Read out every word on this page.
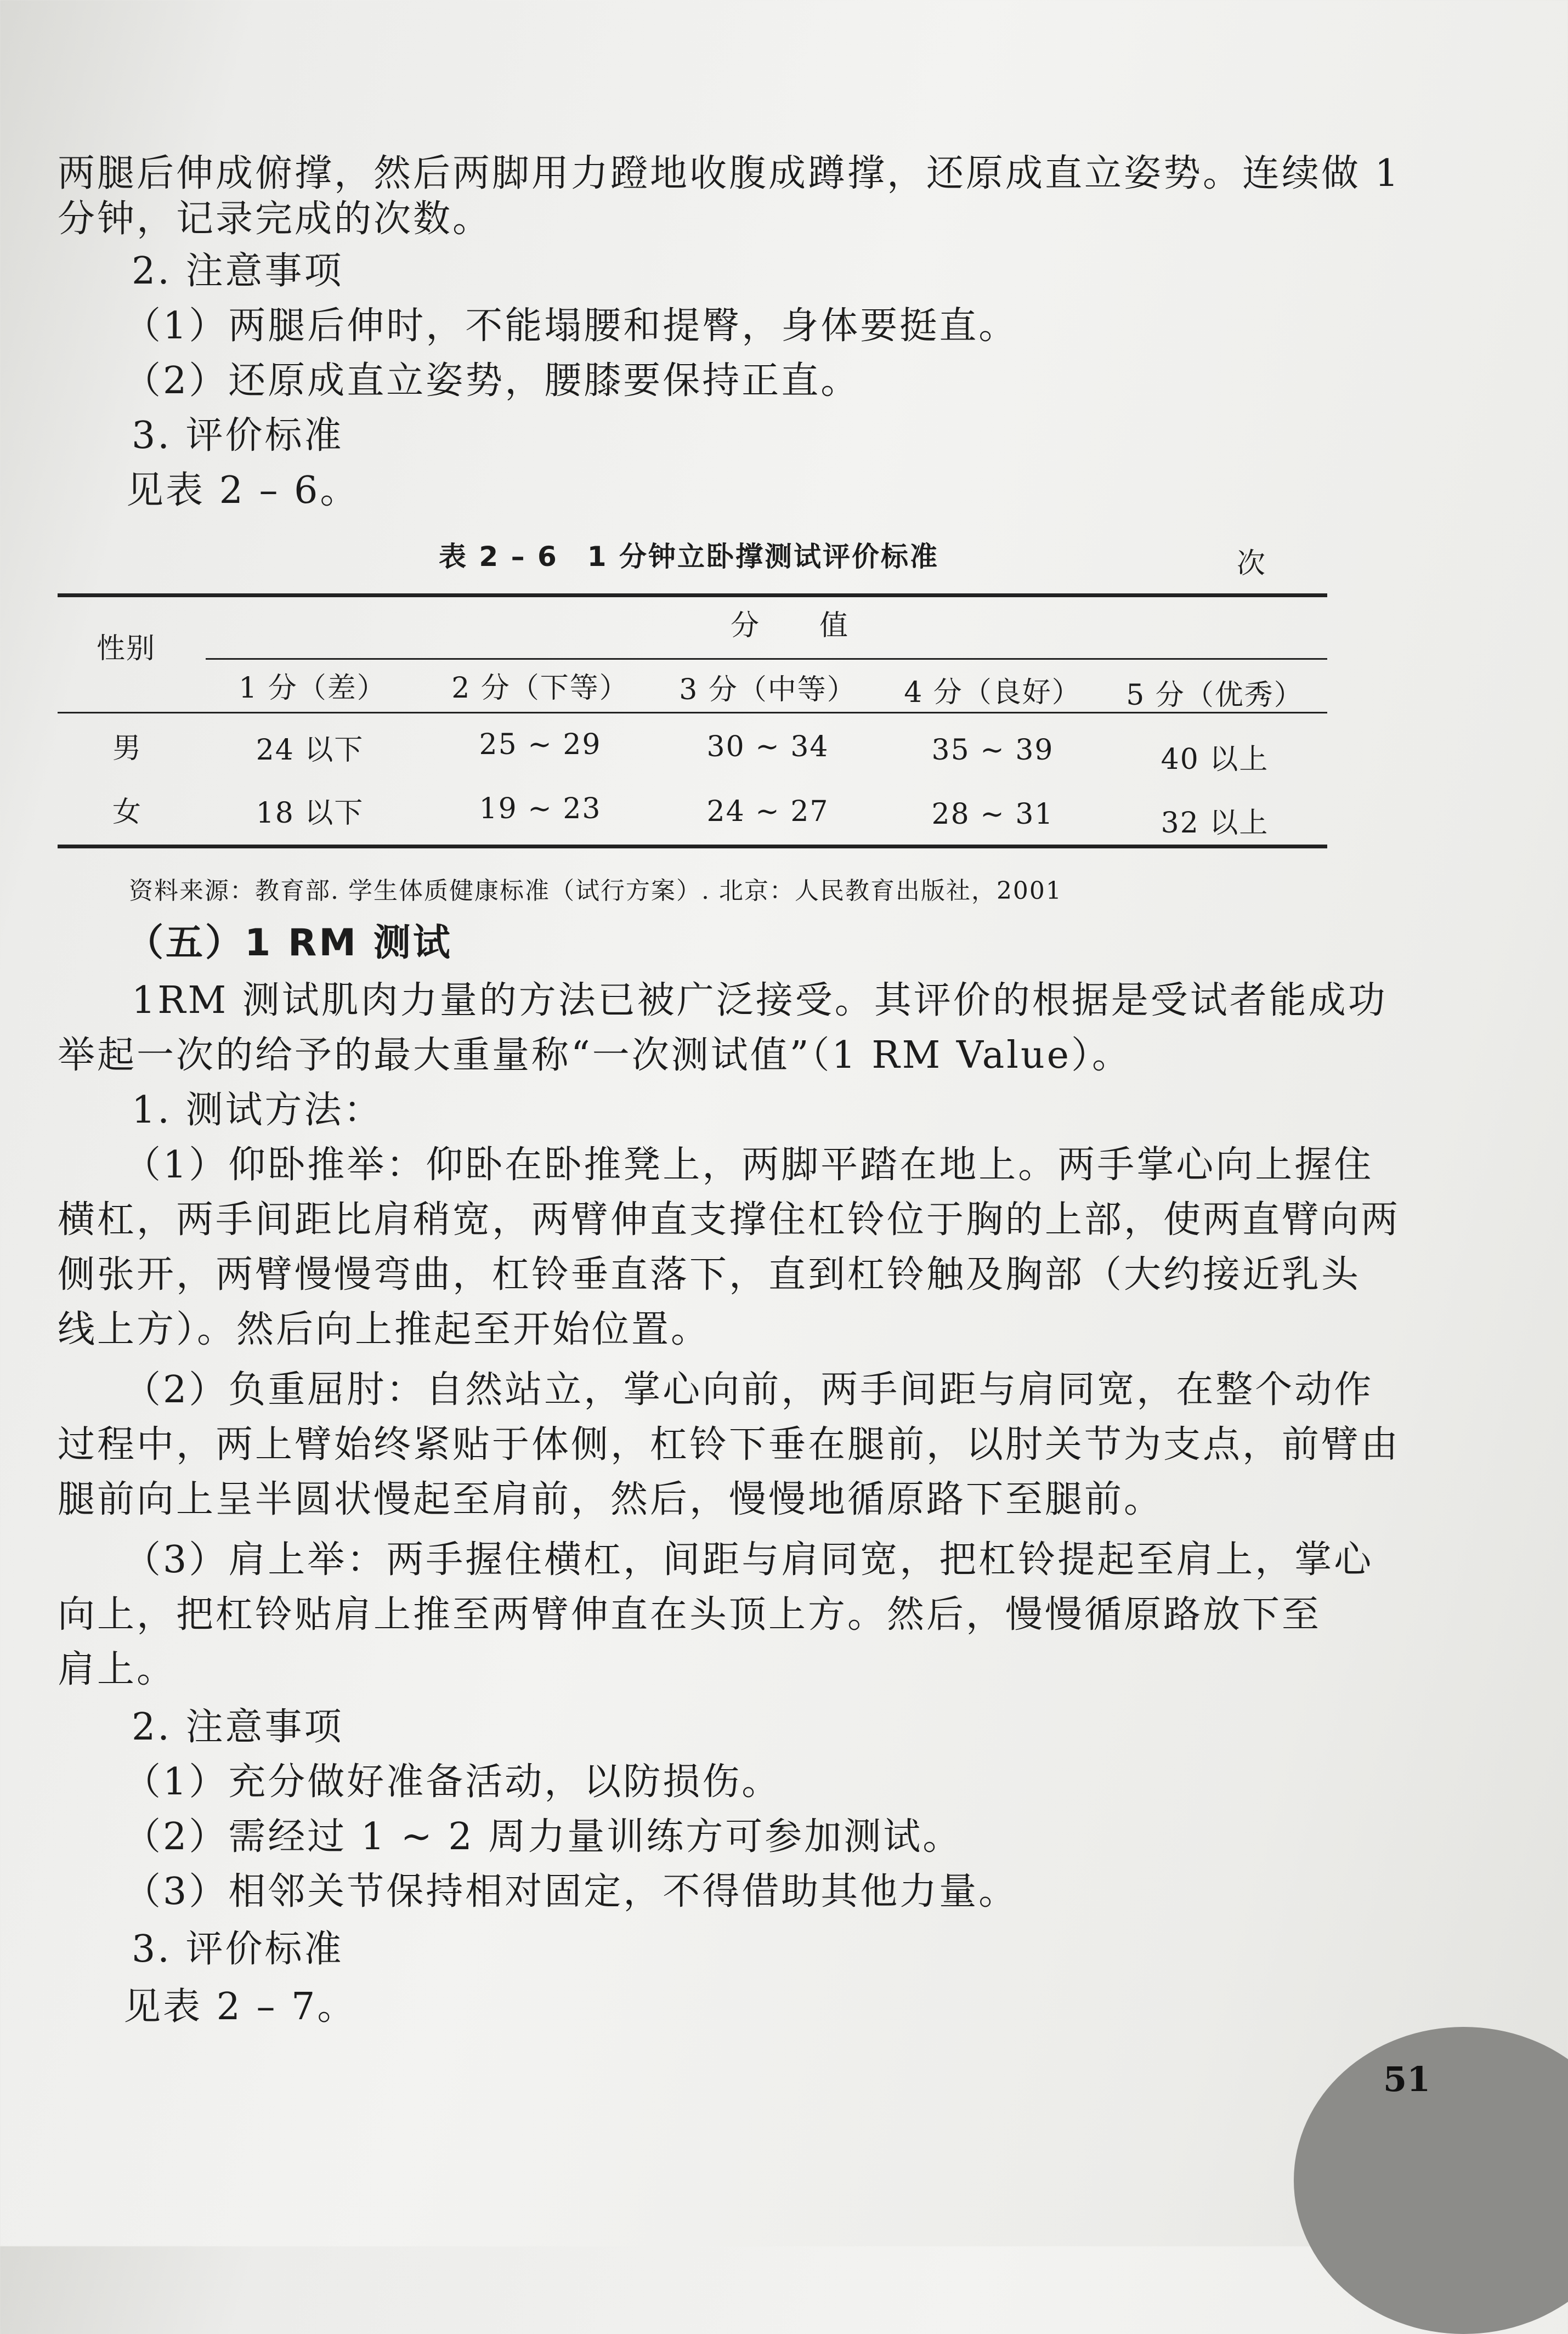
两腿后伸成俯撑，然后两脚用力蹬地收腹成蹲撑，还原成直立姿势。连续做 1
分钟，记录完成的次数。
2. 注意事项
（1）两腿后伸时，不能塌腰和提臀，身体要挺直。
（2）还原成直立姿势，腰膝要保持正直。
3. 评价标准
见表 2 – 6。
表 2 – 6　1 分钟立卧撑测试评价标准	次
性别
分　　值
1 分（差） 2 分（下等） 3 分（中等） 4 分（良好） 5 分（优秀）
男	24 以下	25 ~ 29	30 ~ 34	35 ~ 39	40 以上
女	18 以下	19 ~ 23	24 ~ 27	28 ~ 31	32 以上
资料来源：教育部. 学生体质健康标准（试行方案）. 北京：人民教育出版社，2001
（五）1 RM 测试
1RM 测试肌肉力量的方法已被广泛接受。其评价的根据是受试者能成功
举起一次的给予的最大重量称“一次测试值”（1 RM Value）。
1. 测试方法：
（1）仰卧推举：仰卧在卧推凳上，两脚平踏在地上。两手掌心向上握住
横杠，两手间距比肩稍宽，两臂伸直支撑住杠铃位于胸的上部，使两直臂向两
侧张开，两臂慢慢弯曲，杠铃垂直落下，直到杠铃触及胸部（大约接近乳头
线上方）。然后向上推起至开始位置。
（2）负重屈肘：自然站立，掌心向前，两手间距与肩同宽，在整个动作
过程中，两上臂始终紧贴于体侧，杠铃下垂在腿前，以肘关节为支点，前臂由
腿前向上呈半圆状慢起至肩前，然后，慢慢地循原路下至腿前。
（3）肩上举：两手握住横杠，间距与肩同宽，把杠铃提起至肩上，掌心
向上，把杠铃贴肩上推至两臂伸直在头顶上方。然后，慢慢循原路放下至
肩上。
2. 注意事项
（1）充分做好准备活动，以防损伤。
（2）需经过 1 ~ 2 周力量训练方可参加测试。
（3）相邻关节保持相对固定，不得借助其他力量。
3. 评价标准
见表 2 – 7。
51
